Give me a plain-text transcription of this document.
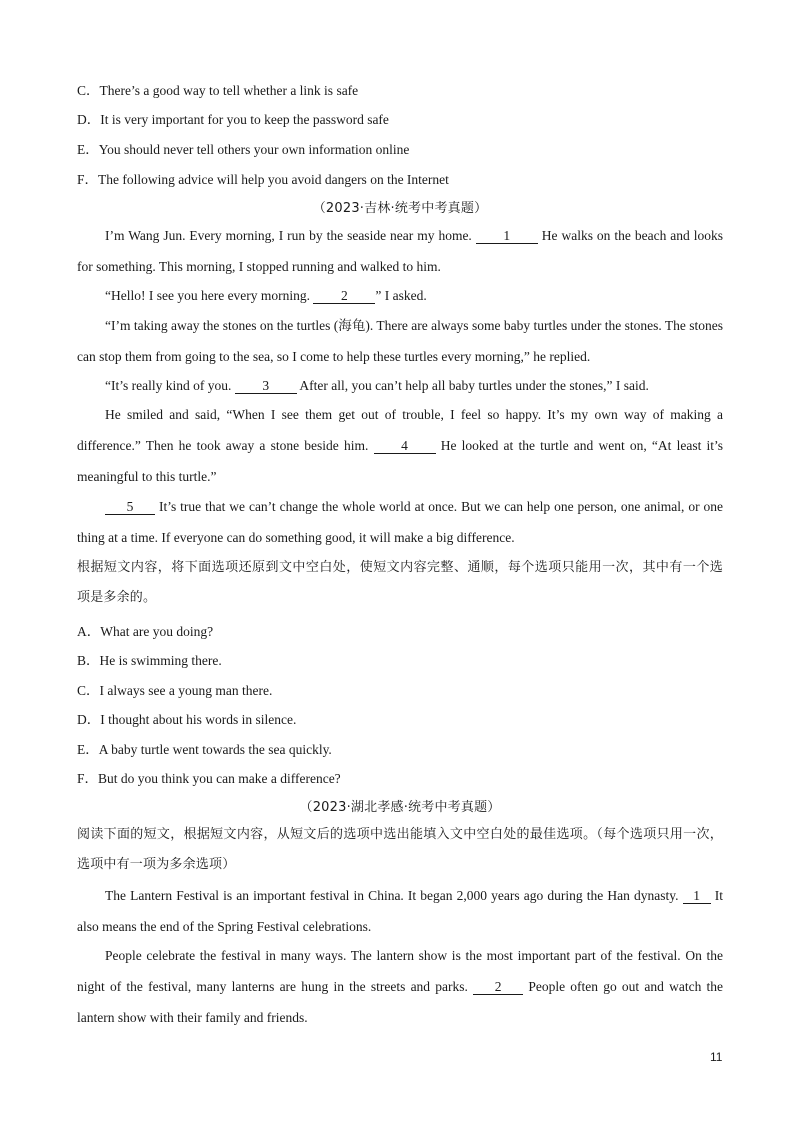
C．There’s a good way to tell whether a link is safe
D．It is very important for you to keep the password safe
E．You should never tell others your own information online
F．The following advice will help you avoid dangers on the Internet
（2023·吉林·统考中考真题）
I’m Wang Jun. Every morning, I run by the seaside near my home. 1 He walks on the beach and looks for something. This morning, I stopped running and walked to him.
“Hello! I see you here every morning. 2 ” I asked.
“I’m taking away the stones on the turtles (海龟). There are always some baby turtles under the stones. The stones can stop them from going to the sea, so I come to help these turtles every morning,” he replied.
“It’s really kind of you. 3 After all, you can’t help all baby turtles under the stones,” I said.
He smiled and said, “When I see them get out of trouble, I feel so happy. It’s my own way of making a difference.” Then he took away a stone beside him. 4 He looked at the turtle and went on, “At least it’s meaningful to this turtle.”
5 It’s true that we can’t change the whole world at once. But we can help one person, one animal, or one thing at a time. If everyone can do something good, it will make a big difference.
根据短文内容，将下面选项还原到文中空白处，使短文内容完整、通顺，每个选项只能用一次，其中有一个选项是多余的。
A．What are you doing?
B．He is swimming there.
C．I always see a young man there.
D．I thought about his words in silence.
E．A baby turtle went towards the sea quickly.
F．But do you think you can make a difference?
（2023·湖北孝感·统考中考真题）
阅读下面的短文，根据短文内容，从短文后的选项中选出能填入文中空白处的最佳选项。（每个选项只用一次，选项中有一项为多余选项）
The Lantern Festival is an important festival in China. It began 2,000 years ago during the Han dynasty. 1 It also means the end of the Spring Festival celebrations.
People celebrate the festival in many ways. The lantern show is the most important part of the festival. On the night of the festival, many lanterns are hung in the streets and parks. 2 People often go out and watch the lantern show with their family and friends.
11
